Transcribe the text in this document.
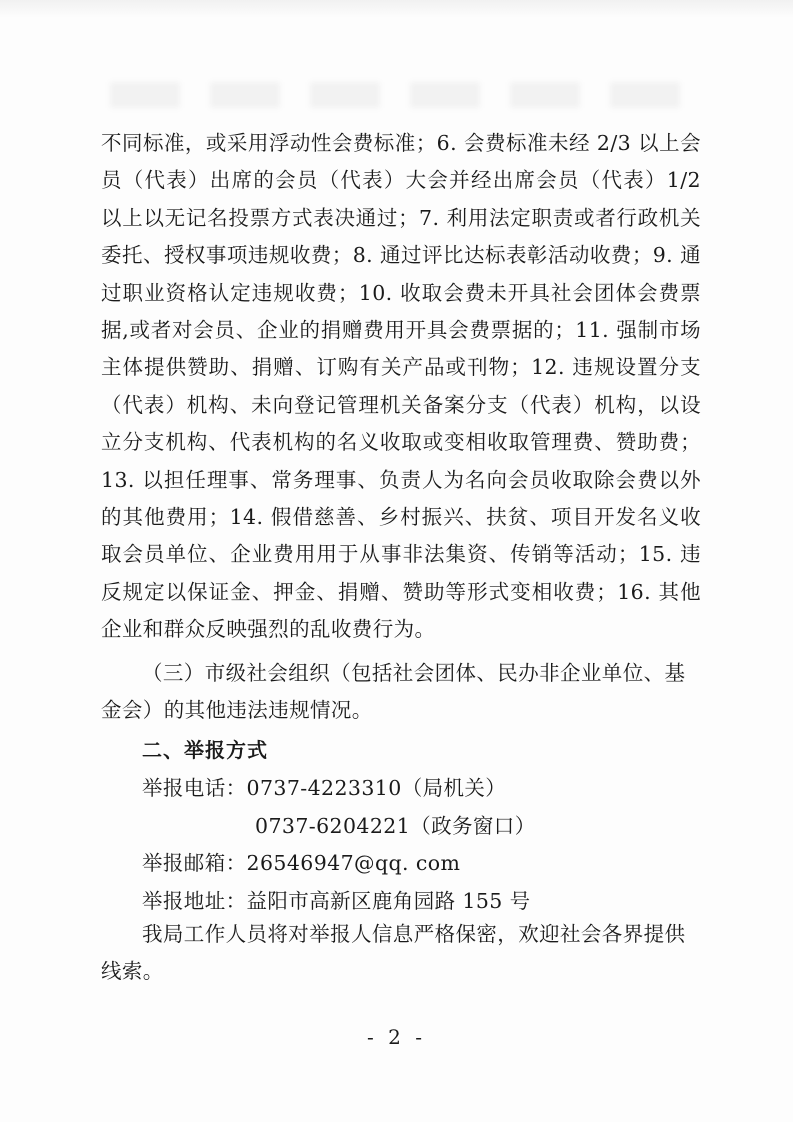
不同标准，或采用浮动性会费标准；6. 会费标准未经 2/3 以上会员（代表）出席的会员（代表）大会并经出席会员（代表）1/2 以上以无记名投票方式表决通过；7. 利用法定职责或者行政机关委托、授权事项违规收费；8. 通过评比达标表彰活动收费；9. 通过职业资格认定违规收费；10. 收取会费未开具社会团体会费票据,或者对会员、企业的捐赠费用开具会费票据的；11. 强制市场主体提供赞助、捐赠、订购有关产品或刊物；12. 违规设置分支（代表）机构、未向登记管理机关备案分支（代表）机构，以设立分支机构、代表机构的名义收取或变相收取管理费、赞助费；13. 以担任理事、常务理事、负责人为名向会员收取除会费以外的其他费用；14. 假借慈善、乡村振兴、扶贫、项目开发名义收取会员单位、企业费用用于从事非法集资、传销等活动；15. 违反规定以保证金、押金、捐赠、赞助等形式变相收费；16. 其他企业和群众反映强烈的乱收费行为。

（三）市级社会组织（包括社会团体、民办非企业单位、基金会）的其他违法违规情况。

二、举报方式

举报电话：0737-4223310（局机关）

0737-6204221（政务窗口）

举报邮箱：26546947@qq. com

举报地址：益阳市高新区鹿角园路 155 号

我局工作人员将对举报人信息严格保密，欢迎社会各界提供线索。

- 2 -
